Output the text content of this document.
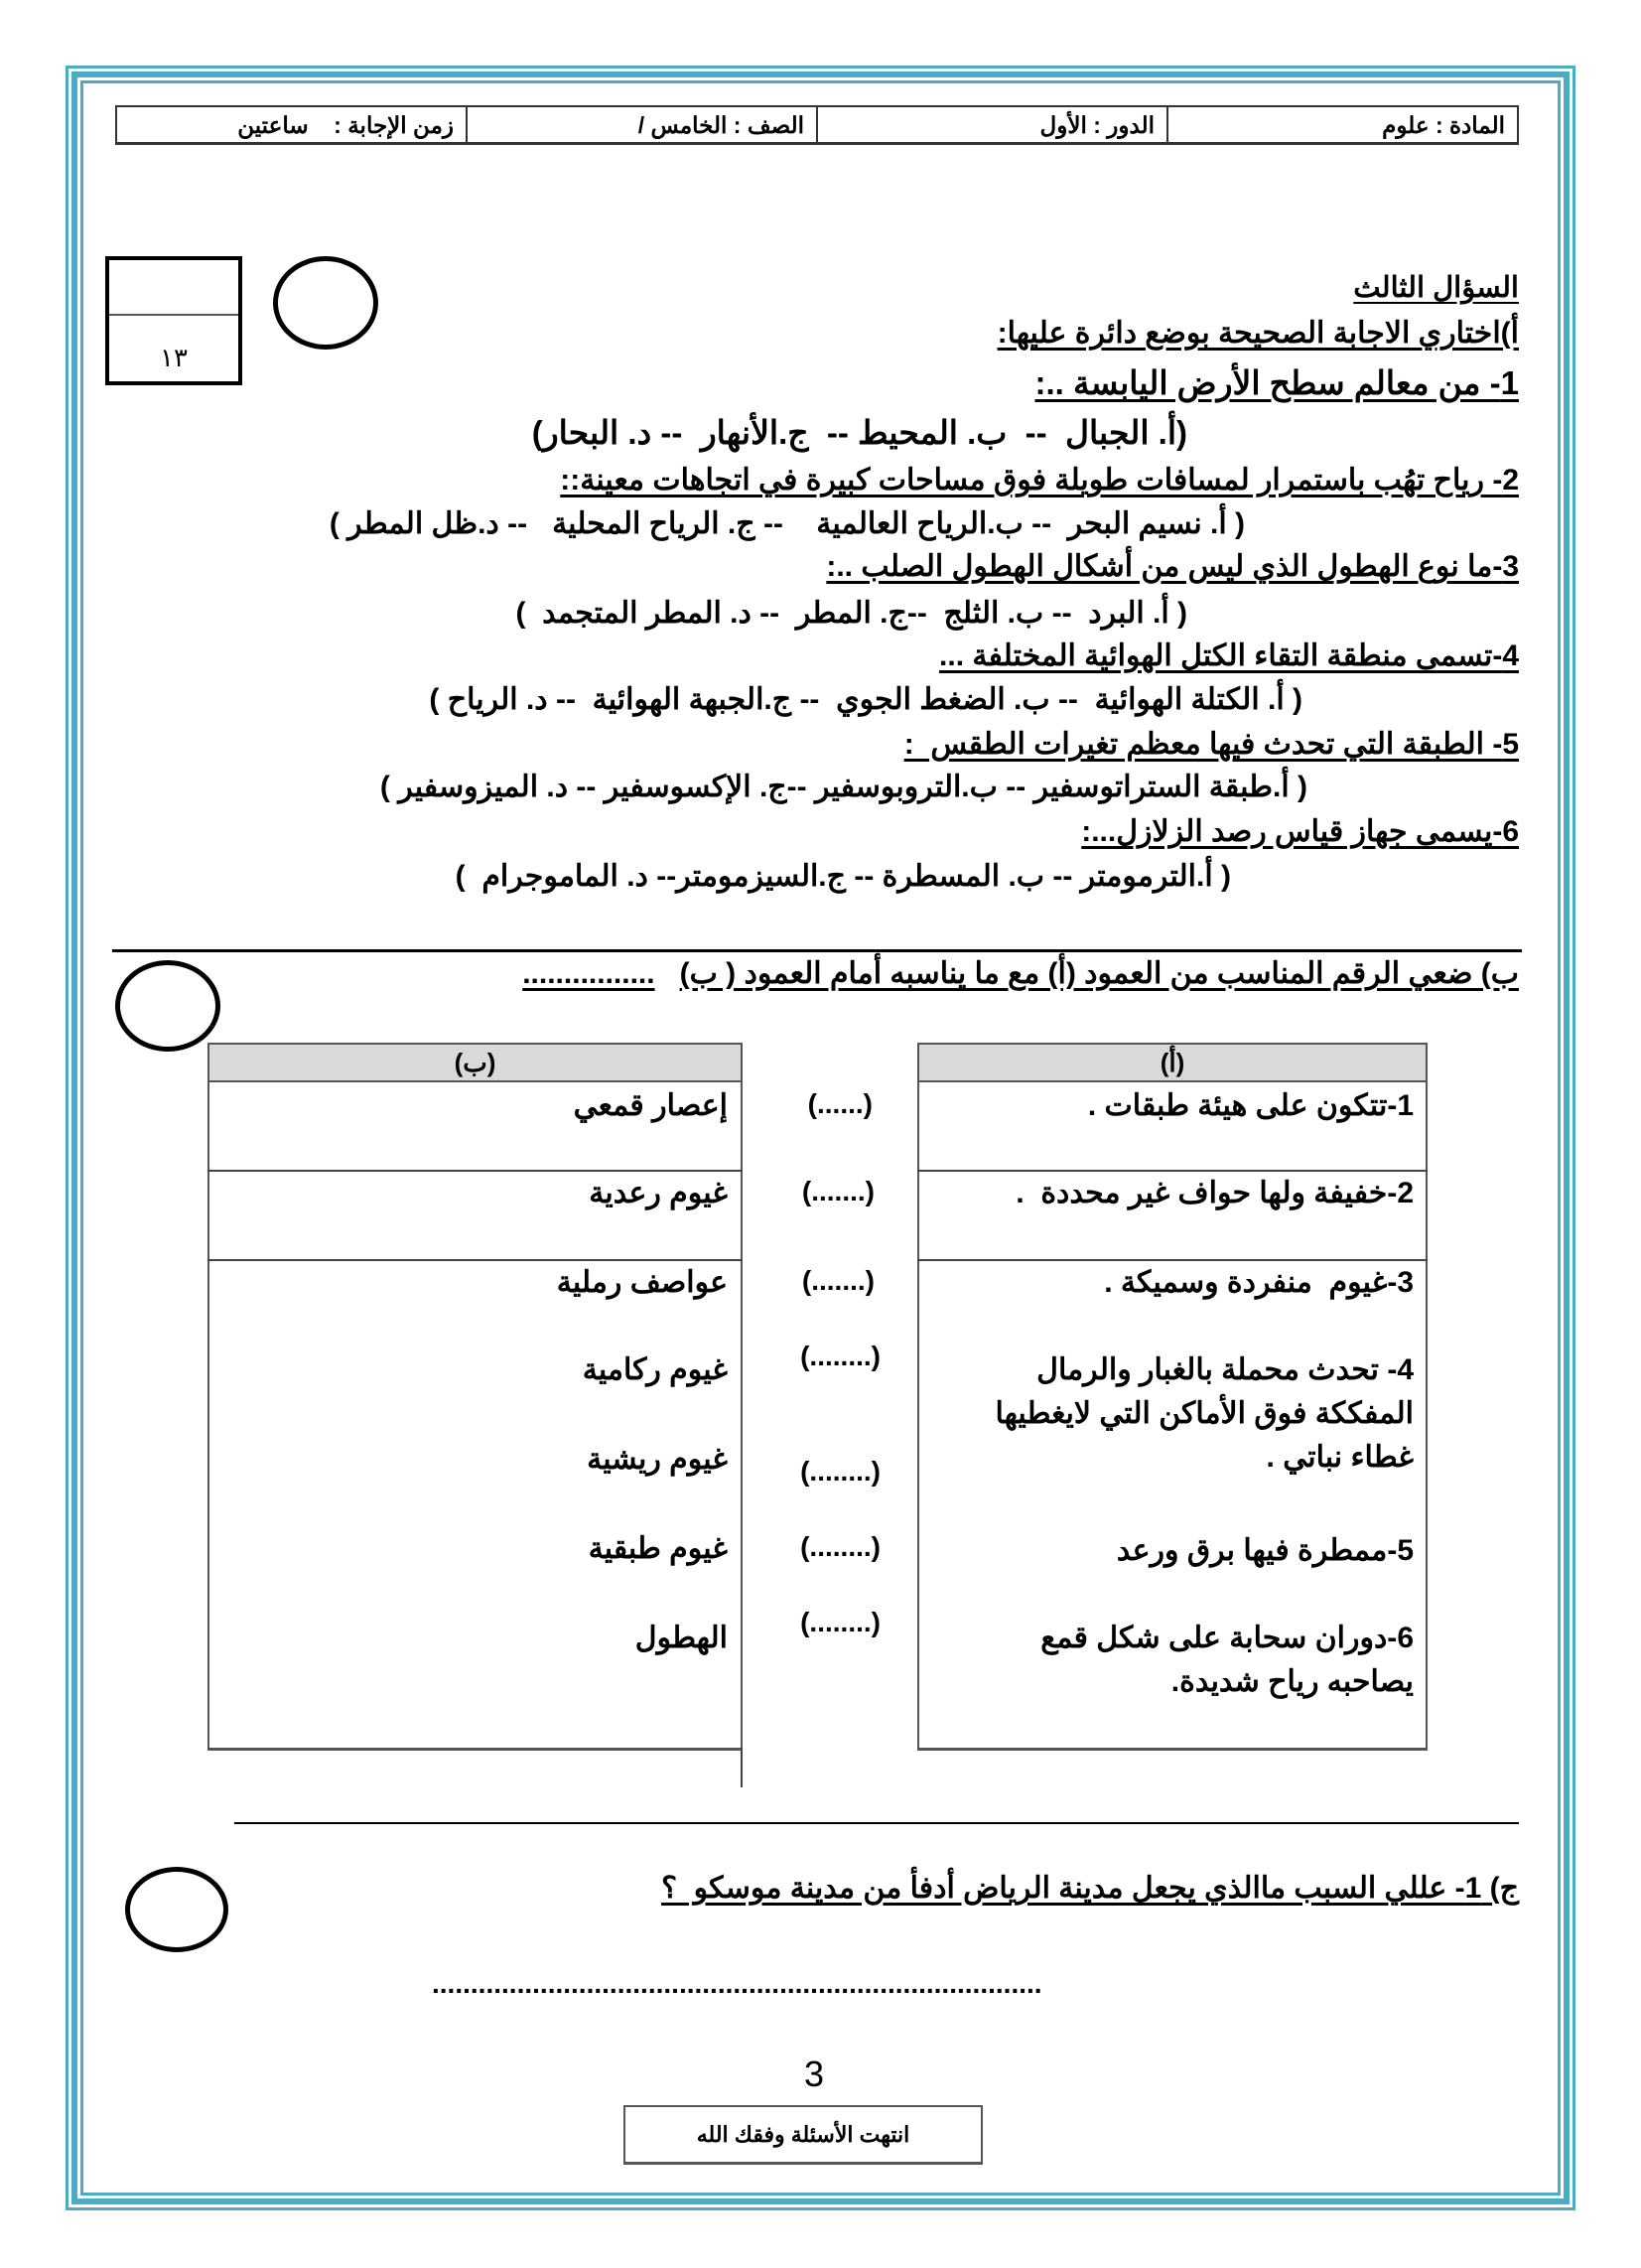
المادة : علوم
الدور : الأول
الصف : الخامس /
زمن الإجابة :    ساعتين
١٣
السؤال الثالث
أ)اختاري الاجابة الصحيحة بوضع دائرة عليها:
1- من معالم سطح الأرض اليابسة ..:
(أ. الجبال  --  ب. المحيط --  ج.الأنهار  -- د. البحار)
2- رياح تهُب باستمرار لمسافات طويلة فوق مساحات كبيرة في اتجاهات معينة::
( أ. نسيم البحر  -- ب.الرياح العالمية    -- ج. الرياح المحلية   -- د.ظل المطر )
3-ما نوع الهطول الذي ليس من أشكال الهطول الصلب ..:
( أ. البرد  -- ب. الثلج  --ج. المطر  -- د. المطر المتجمد  )
4-تسمى منطقة التقاء الكتل الهوائية المختلفة ...
( أ. الكتلة الهوائية  -- ب. الضغط الجوي  -- ج.الجبهة الهوائية  -- د. الرياح )
5- الطبقة التي تحدث فيها معظم تغيرات الطقس  :
( أ.طبقة الستراتوسفير -- ب.التروبوسفير --ج. الإكسوسفير -- د. الميزوسفير )
6-يسمى جهاز قياس رصد الزلازل...:
( أ.الترمومتر -- ب. المسطرة -- ج.السيزمومتر-- د. الماموجرام  )
ب) ضعي الرقم المناسب من العمود (أ) مع ما يناسبه أمام العمود ( ب)   ................
(أ)
(ب)
1-تتكون على هيئة طبقات .
2-خفيفة ولها حواف غير محددة  .
3-غيوم  منفردة وسميكة .
4- تحدث محملة بالغبار والرمال
المفككة فوق الأماكن التي لايغطيها
غطاء نباتي .
5-ممطرة فيها برق ورعد
6-دوران سحابة على شكل قمع
يصاحبه رياح شديدة.
(......)
(.......)
(.......)
(........)
(........)
(........)
(........)
إعصار قمعي
غيوم رعدية
عواصف رملية
غيوم ركامية
غيوم ريشية
غيوم طبقية
الهطول
ج) 1- عللي السبب ماالذي يجعل مدينة الرياض أدفأ من مدينة موسكو  ؟
...............................................................................
3
انتهت الأسئلة وفقك الله
